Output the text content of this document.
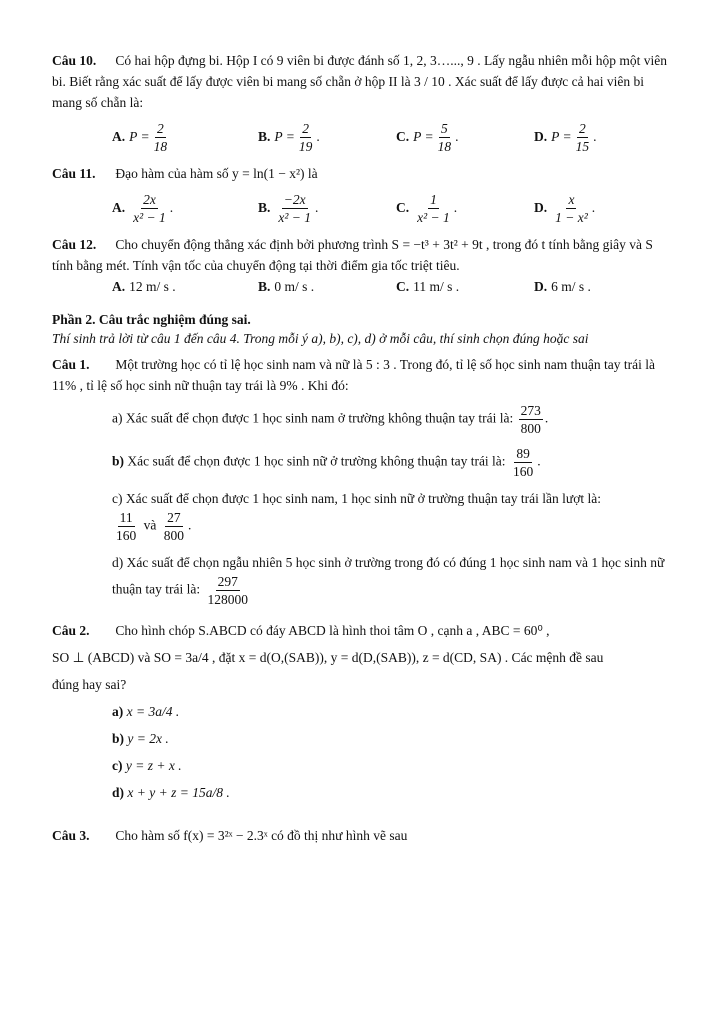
Câu 10. Có hai hộp đựng bi. Hộp I có 9 viên bi được đánh số 1, 2, 3…..., 9 . Lấy ngẫu nhiên mỗi hộp một viên bi. Biết rằng xác suất để lấy được viên bi mang số chẵn ở hộp II là 3 / 10 . Xác suất để lấy được cả hai viên bi mang số chẵn là:

A. $P = \frac{2}{18}$	B. $P = \frac{2}{19}$ .	C. $P = \frac{5}{18}$ .	D. $P = \frac{2}{15}$ .

Câu 11. Đạo hàm của hàm số y = ln(1 − x²) là

A. $\frac{2x}{\text{x² − 1}}$ .	B. $\frac{-2x}{\text{x² − 1}}$ .	C. $\frac{1}{\text{x² − 1}}$ .	D. $\frac{x}{\text{1 − x²}}$ .

Câu 12. Cho chuyển động thẳng xác định bởi phương trình S = −t³ + 3t² + 9t , trong đó t tính bằng giây và S tính bằng mét. Tính vận tốc của chuyển động tại thời điểm gia tốc triệt tiêu.

A. 12 m/ s .	B. 0 m/ s .	C. 11 m/ s .	D. 6 m/ s .

Phần 2. Câu trắc nghiệm đúng sai.

Thí sinh trả lời từ câu 1 đến câu 4. Trong mỗi ý a), b), c), d) ở mỗi câu, thí sinh chọn đúng hoặc sai

Câu 1. Một trường học có tỉ lệ học sinh nam và nữ là 5 : 3 . Trong đó, tỉ lệ số học sinh nam thuận tay trái là 11% , tỉ lệ số học sinh nữ thuận tay trái là 9% . Khi đó:

a) Xác suất để chọn được 1 học sinh nam ở trường không thuận tay trái là: $\frac{273}{800}$ .
b) Xác suất để chọn được 1 học sinh nữ ở trường không thuận tay trái là: $\frac{89}{160}$ .
c) Xác suất để chọn được 1 học sinh nam, 1 học sinh nữ ở trường thuận tay trái lần lượt là:

$\frac{11}{160}$ và $\frac{27}{800}$ .
d) Xác suất để chọn ngẫu nhiên 5 học sinh ở trường trong đó có đúng 1 học sinh nam và 1 học sinh nữ thuận tay trái là: $\frac{297}{128000}$

Câu 2. Cho hình chóp S.ABCD có đáy ABCD là hình thoi tâm O , cạnh a , ABC = 60⁰ ,

SO ⊥ (ABCD) và SO = 3a/4 , đặt x = d(O,(SAB)), y = d(D,(SAB)), z = d(CD, SA) . Các mệnh đề sau

đúng hay sai?

a) x = 3a/4 .
b) y = 2x .
c) y = z + x .
d) x + y + z = 15a/8 .

Câu 3. Cho hàm số f(x) = 3²ˣ − 2.3ˣ có đồ thị như hình vẽ sau
